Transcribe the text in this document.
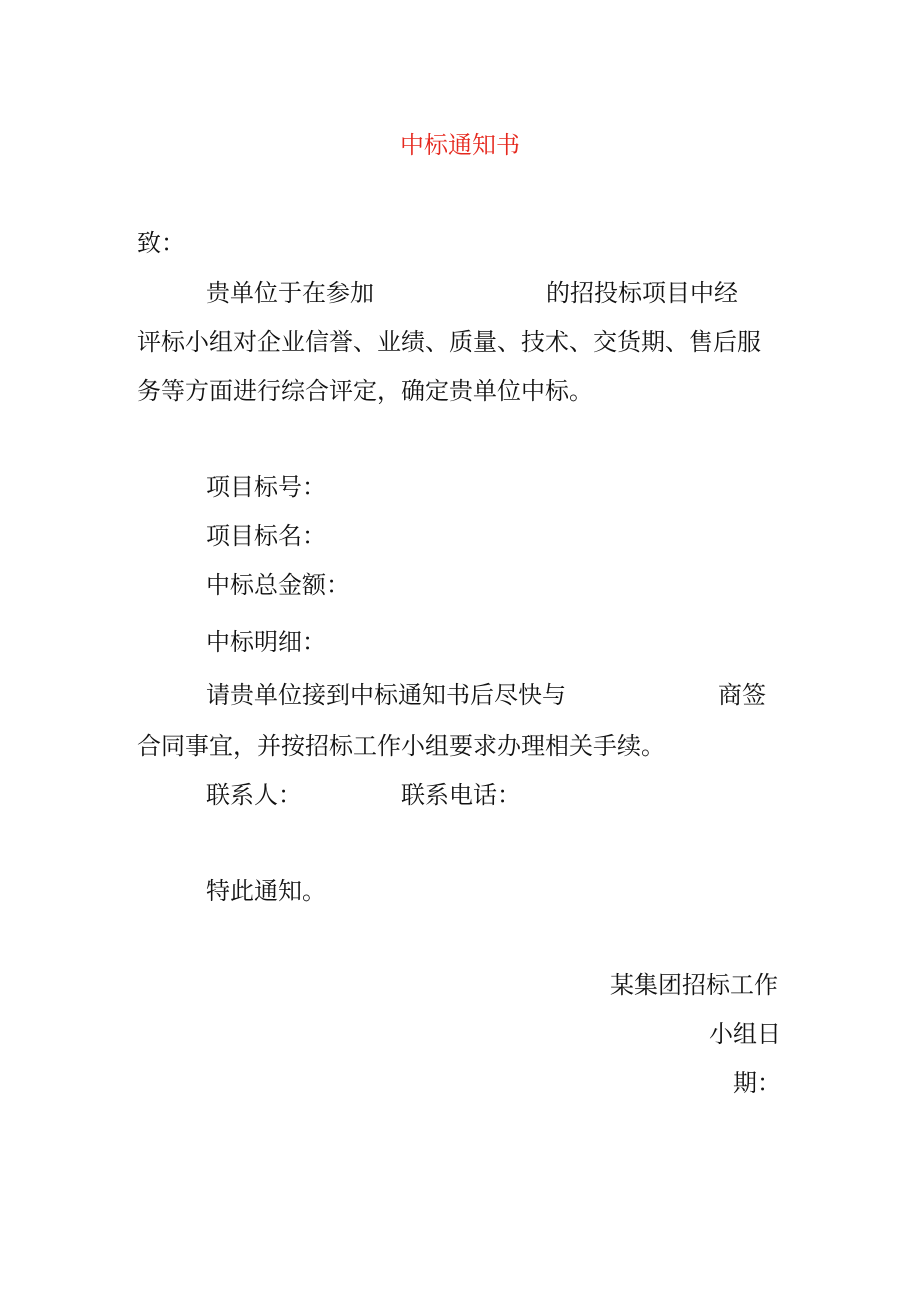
中标通知书
致：
贵单位于在参加	的招投标项目中经
评标小组对企业信誉、业绩、质量、技术、交货期、售后服
务等方面进行综合评定，确定贵单位中标。
项目标号：
项目标名：
中标总金额：
中标明细：
请贵单位接到中标通知书后尽快与	商签
合同事宜，并按招标工作小组要求办理相关手续。
联系人：	联系电话：
特此通知。
某集团招标工作
小组日
期：
